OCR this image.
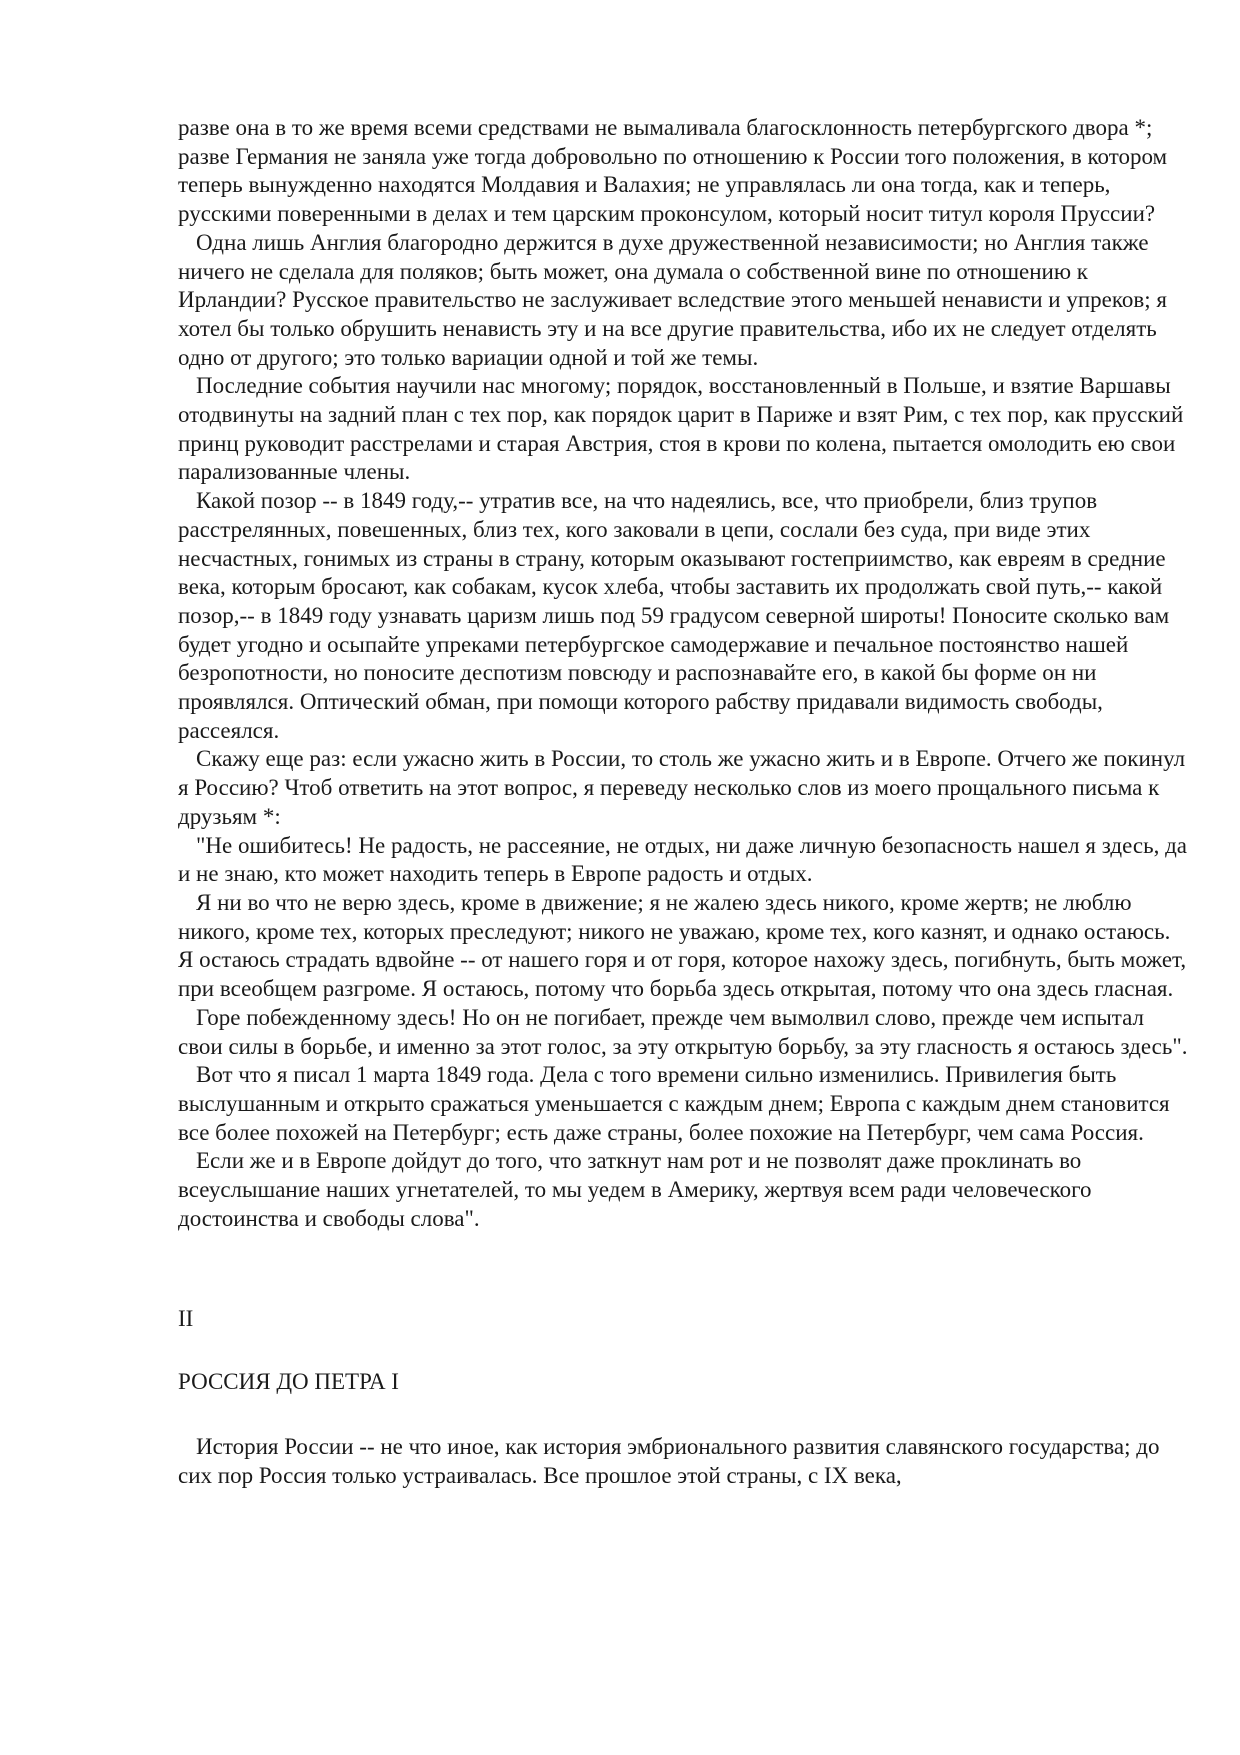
разве она в то же время всеми средствами не вымаливала благосклонность петербургского двора *; разве Германия не заняла уже тогда добровольно по отношению к России того положения, в котором теперь вынужденно находятся Молдавия и Валахия; не управлялась ли она тогда, как и теперь, русскими поверенными в делах и тем царским проконсулом, который носит титул короля Пруссии?

Одна лишь Англия благородно держится в духе дружественной независимости; но Англия также ничего не сделала для поляков; быть может, она думала о собственной вине по отношению к Ирландии? Русское правительство не заслуживает вследствие этого меньшей ненависти и упреков; я хотел бы только обрушить ненависть эту и на все другие правительства, ибо их не следует отделять одно от другого; это только вариации одной и той же темы.

Последние события научили нас многому; порядок, восстановленный в Польше, и взятие Варшавы отодвинуты на задний план с тех пор, как порядок царит в Париже и взят Рим, с тех пор, как прусский принц руководит расстрелами и старая Австрия, стоя в крови по колена, пытается омолодить ею свои парализованные члены.

Какой позор -- в 1849 году,-- утратив все, на что надеялись, все, что приобрели, близ трупов расстрелянных, повешенных, близ тех, кого заковали в цепи, сослали без суда, при виде этих несчастных, гонимых из страны в страну, которым оказывают гостеприимство, как евреям в средние века, которым бросают, как собакам, кусок хлеба, чтобы заставить их продолжать свой путь,-- какой позор,-- в 1849 году узнавать царизм лишь под 59 градусом северной широты! Поносите сколько вам будет угодно и осыпайте упреками петербургское самодержавие и печальное постоянство нашей безропотности, но поносите деспотизм повсюду и распознавайте его, в какой бы форме он ни проявлялся. Оптический обман, при помощи которого рабству придавали видимость свободы, рассеялся.

Скажу еще раз: если ужасно жить в России, то столь же ужасно жить и в Европе. Отчего же покинул я Россию? Чтоб ответить на этот вопрос, я переведу несколько слов из моего прощального письма к друзьям *:

"Не ошибитесь! Не радость, не рассеяние, не отдых, ни даже личную безопасность нашел я здесь, да и не знаю, кто может находить теперь в Европе радость и отдых.

Я ни во что не верю здесь, кроме в движение; я не жалею здесь никого, кроме жертв; не люблю никого, кроме тех, которых преследуют; никого не уважаю, кроме тех, кого казнят, и однако остаюсь. Я остаюсь страдать вдвойне -- от нашего горя и от горя, которое нахожу здесь, погибнуть, быть может, при всеобщем разгроме. Я остаюсь, потому что борьба здесь открытая, потому что она здесь гласная.

Горе побежденному здесь! Но он не погибает, прежде чем вымолвил слово, прежде чем испытал свои силы в борьбе, и именно за этот голос, за эту открытую борьбу, за эту гласность я остаюсь здесь".

Вот что я писал 1 марта 1849 года. Дела с того времени сильно изменились. Привилегия быть выслушанным и открыто сражаться уменьшается с каждым днем; Европа с каждым днем становится все более похожей на Петербург; есть даже страны, более похожие на Петербург, чем сама Россия.

Если же и в Европе дойдут до того, что заткнут нам рот и не позволят даже проклинать во всеуслышание наших угнетателей, то мы уедем в Америку, жертвуя всем ради человеческого достоинства и свободы слова".

II

РОССИЯ ДО ПЕТРА I

История России -- не что иное, как история эмбрионального развития славянского государства; до сих пор Россия только устраивалась. Все прошлое этой страны, с IX века,
